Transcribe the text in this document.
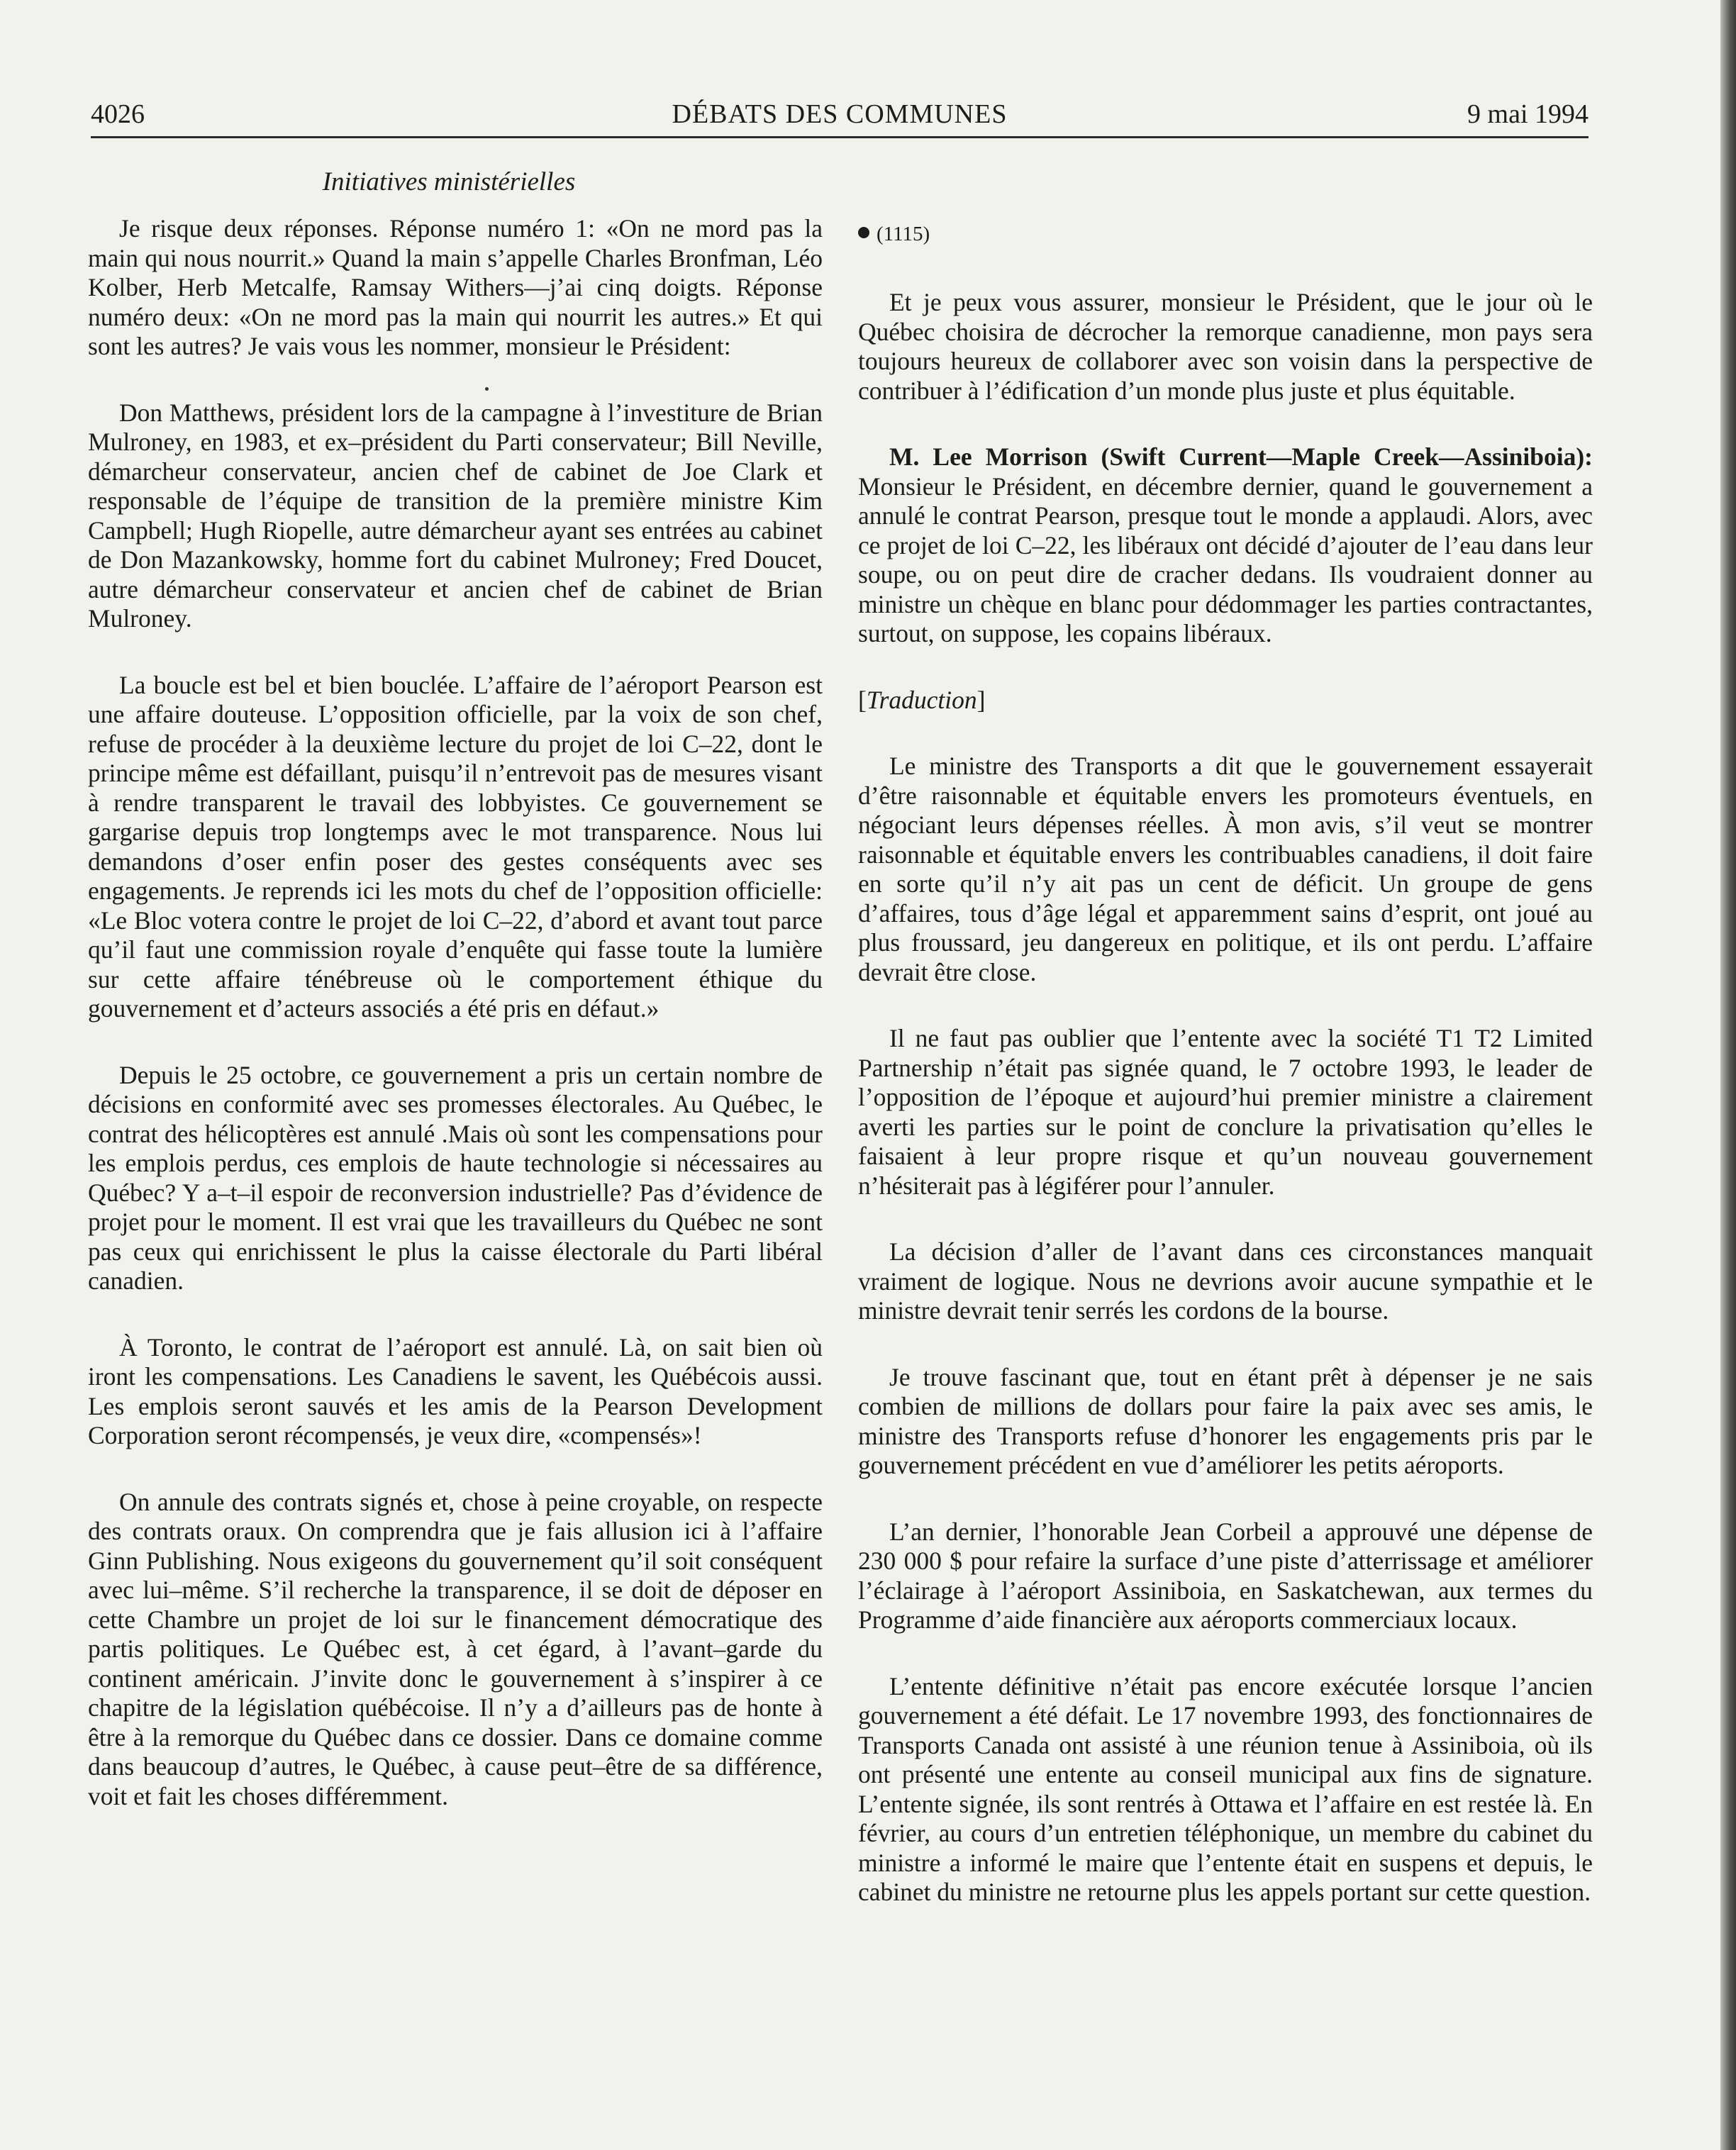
4026	DÉBATS DES COMMUNES	9 mai 1994
Initiatives ministérielles

Je risque deux réponses. Réponse numéro 1: «On ne mord pas la main qui nous nourrit.» Quand la main s’appelle Charles Bronfman, Léo Kolber, Herb Metcalfe, Ramsay Withers—j’ai cinq doigts. Réponse numéro deux: «On ne mord pas la main qui nourrit les autres.» Et qui sont les autres? Je vais vous les nommer, monsieur le Président:

Don Matthews, président lors de la campagne à l’investiture de Brian Mulroney, en 1983, et ex–président du Parti conservateur; Bill Neville, démarcheur conservateur, ancien chef de cabinet de Joe Clark et responsable de l’équipe de transition de la première ministre Kim Campbell; Hugh Riopelle, autre démarcheur ayant ses entrées au cabinet de Don Mazankowsky, homme fort du cabinet Mulroney; Fred Doucet, autre démarcheur conservateur et ancien chef de cabinet de Brian Mulroney.

La boucle est bel et bien bouclée. L’affaire de l’aéroport Pearson est une affaire douteuse. L’opposition officielle, par la voix de son chef, refuse de procéder à la deuxième lecture du projet de loi C–22, dont le principe même est défaillant, puisqu’il n’entrevoit pas de mesures visant à rendre transparent le travail des lobbyistes. Ce gouvernement se gargarise depuis trop longtemps avec le mot transparence. Nous lui demandons d’oser enfin poser des gestes conséquents avec ses engagements. Je reprends ici les mots du chef de l’opposition officielle: «Le Bloc votera contre le projet de loi C–22, d’abord et avant tout parce qu’il faut une commission royale d’enquête qui fasse toute la lumière sur cette affaire ténébreuse où le comportement éthique du gouvernement et d’acteurs associés a été pris en défaut.»

Depuis le 25 octobre, ce gouvernement a pris un certain nombre de décisions en conformité avec ses promesses électorales. Au Québec, le contrat des hélicoptères est annulé .Mais où sont les compensations pour les emplois perdus, ces emplois de haute technologie si nécessaires au Québec? Y a–t–il espoir de reconversion industrielle? Pas d’évidence de projet pour le moment. Il est vrai que les travailleurs du Québec ne sont pas ceux qui enrichissent le plus la caisse électorale du Parti libéral canadien.

À Toronto, le contrat de l’aéroport est annulé. Là, on sait bien où iront les compensations. Les Canadiens le savent, les Québécois aussi. Les emplois seront sauvés et les amis de la Pearson Development Corporation seront récompensés, je veux dire, «compensés»!

On annule des contrats signés et, chose à peine croyable, on respecte des contrats oraux. On comprendra que je fais allusion ici à l’affaire Ginn Publishing. Nous exigeons du gouvernement qu’il soit conséquent avec lui–même. S’il recherche la transparence, il se doit de déposer en cette Chambre un projet de loi sur le financement démocratique des partis politiques. Le Québec est, à cet égard, à l’avant–garde du continent américain. J’invite donc le gouvernement à s’inspirer à ce chapitre de la législation québécoise. Il n’y a d’ailleurs pas de honte à être à la remorque du Québec dans ce dossier. Dans ce domaine comme dans beaucoup d’autres, le Québec, à cause peut–être de sa différence, voit et fait les choses différemment.

(1115)

Et je peux vous assurer, monsieur le Président, que le jour où le Québec choisira de décrocher la remorque canadienne, mon pays sera toujours heureux de collaborer avec son voisin dans la perspective de contribuer à l’édification d’un monde plus juste et plus équitable.

M. Lee Morrison (Swift Current—Maple Creek—Assiniboia): Monsieur le Président, en décembre dernier, quand le gouvernement a annulé le contrat Pearson, presque tout le monde a applaudi. Alors, avec ce projet de loi C–22, les libéraux ont décidé d’ajouter de l’eau dans leur soupe, ou on peut dire de cracher dedans. Ils voudraient donner au ministre un chèque en blanc pour dédommager les parties contractantes, surtout, on suppose, les copains libéraux.

[Traduction]

Le ministre des Transports a dit que le gouvernement essayerait d’être raisonnable et équitable envers les promoteurs éventuels, en négociant leurs dépenses réelles. À mon avis, s’il veut se montrer raisonnable et équitable envers les contribuables canadiens, il doit faire en sorte qu’il n’y ait pas un cent de déficit. Un groupe de gens d’affaires, tous d’âge légal et apparemment sains d’esprit, ont joué au plus froussard, jeu dangereux en politique, et ils ont perdu. L’affaire devrait être close.

Il ne faut pas oublier que l’entente avec la société T1 T2 Limited Partnership n’était pas signée quand, le 7 octobre 1993, le leader de l’opposition de l’époque et aujourd’hui premier ministre a clairement averti les parties sur le point de conclure la privatisation qu’elles le faisaient à leur propre risque et qu’un nouveau gouvernement n’hésiterait pas à légiférer pour l’annuler.

La décision d’aller de l’avant dans ces circonstances manquait vraiment de logique. Nous ne devrions avoir aucune sympathie et le ministre devrait tenir serrés les cordons de la bourse.

Je trouve fascinant que, tout en étant prêt à dépenser je ne sais combien de millions de dollars pour faire la paix avec ses amis, le ministre des Transports refuse d’honorer les engagements pris par le gouvernement précédent en vue d’améliorer les petits aéroports.

L’an dernier, l’honorable Jean Corbeil a approuvé une dépense de 230 000 $ pour refaire la surface d’une piste d’atterrissage et améliorer l’éclairage à l’aéroport Assiniboia, en Saskatchewan, aux termes du Programme d’aide financière aux aéroports commerciaux locaux.

L’entente définitive n’était pas encore exécutée lorsque l’ancien gouvernement a été défait. Le 17 novembre 1993, des fonctionnaires de Transports Canada ont assisté à une réunion tenue à Assiniboia, où ils ont présenté une entente au conseil municipal aux fins de signature. L’entente signée, ils sont rentrés à Ottawa et l’affaire en est restée là. En février, au cours d’un entretien téléphonique, un membre du cabinet du ministre a informé le maire que l’entente était en suspens et depuis, le cabinet du ministre ne retourne plus les appels portant sur cette question.
